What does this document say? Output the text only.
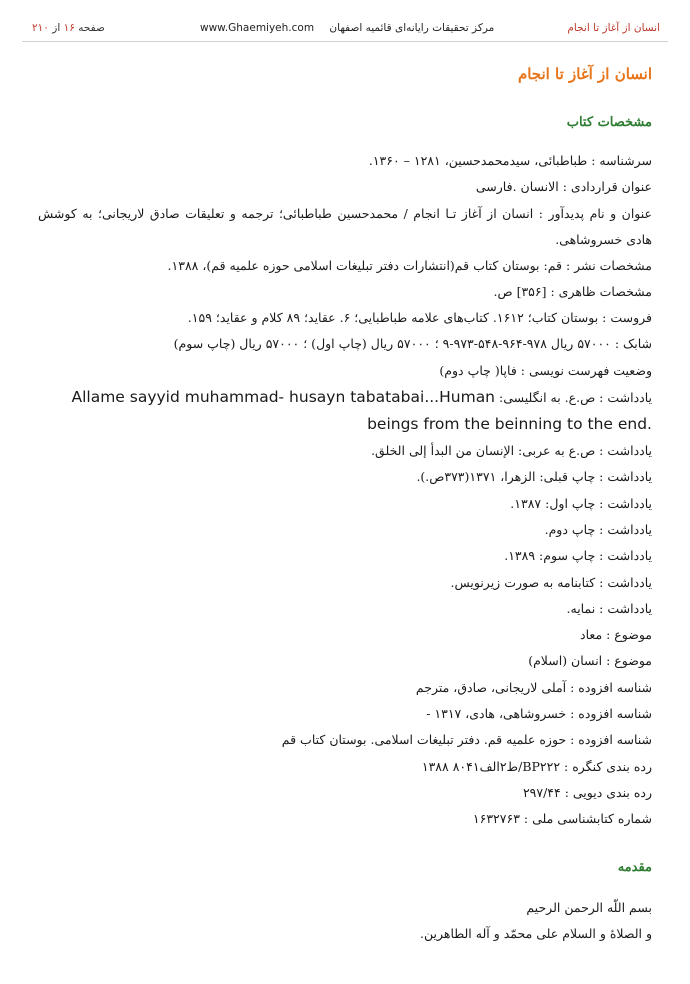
انسان از آغاز تا انجام
www.Ghaemiyeh.com مرکز تحقیقات رایانه‌ای قائمیه اصفهان
صفحه ۱۶ از ۲۱۰
انسان از آغاز تا انجام
مشخصات کتاب

سرشناسه : طباطبائی، سیدمحمدحسین، ۱۲۸۱ – ۱۳۶۰.

عنوان قراردادی : الانسان .فارسی

عنوان و نام پدیدآور : انسان از آغاز تـا انجام / محمدحسین طباطبائی؛ ترجمه و تعلیقات صادق لاریجانی؛ به کوشش هادی خسروشاهی.

مشخصات نشر : قم: بوستان کتاب قم(انتشارات دفتر تبلیغات اسلامی حوزه علمیه قم)، ۱۳۸۸.

مشخصات ظاهری : [۳۵۶] ص.

فروست : بوستان کتاب؛ ۱۶۱۲. کتاب‌های علامه طباطبایی؛ ۶. عقاید؛ ۸۹ کلام و عقاید؛ ۱۵۹.

شابک : ۵۷۰۰۰ ریال ۹۷۸-۹۶۴-۵۴۸-۹۷۳-۹ ؛ ۵۷۰۰۰ ریال (چاپ اول) ؛ ۵۷۰۰۰ ریال (چاپ سوم)

وضعیت فهرست نویسی : فاپا( چاپ دوم)

یادداشت : ص.ع. به انگلیسی: Allame sayyid muhammad- husayn tabatabai...Human beings from the beinning to the end.

یادداشت : ص.ع به عربی: الإنسان من البدأ إلى الخلق.

یادداشت : چاپ قبلی: الزهرا، ۱۳۷۱(۳۷۳ص.).

یادداشت : چاپ اول: ۱۳۸۷.

یادداشت : چاپ دوم.

یادداشت : چاپ سوم: ۱۳۸۹.

یادداشت : کتابنامه به صورت زیرنویس.

یادداشت : نمایه.

موضوع : معاد

موضوع : انسان (اسلام)

شناسه افزوده : آملی لاریجانی، صادق، مترجم

شناسه افزوده : خسروشاهی، هادی، ۱۳۱۷ -

شناسه افزوده : حوزه علمیه قم. دفتر تبلیغات اسلامی. بوستان کتاب قم

رده بندی کنگره : BP۲۲۲/ط۲الف۸۰۴۱ ۱۳۸۸

رده بندی دیویی : ۲۹۷/۴۴

شماره کتابشناسی ملی : ۱۶۳۲۷۶۳

مقدمه

بسم اللّه الرحمن الرحیم

و الصلاهٔ و السلام علی محمّد و آله الطاهرین.
